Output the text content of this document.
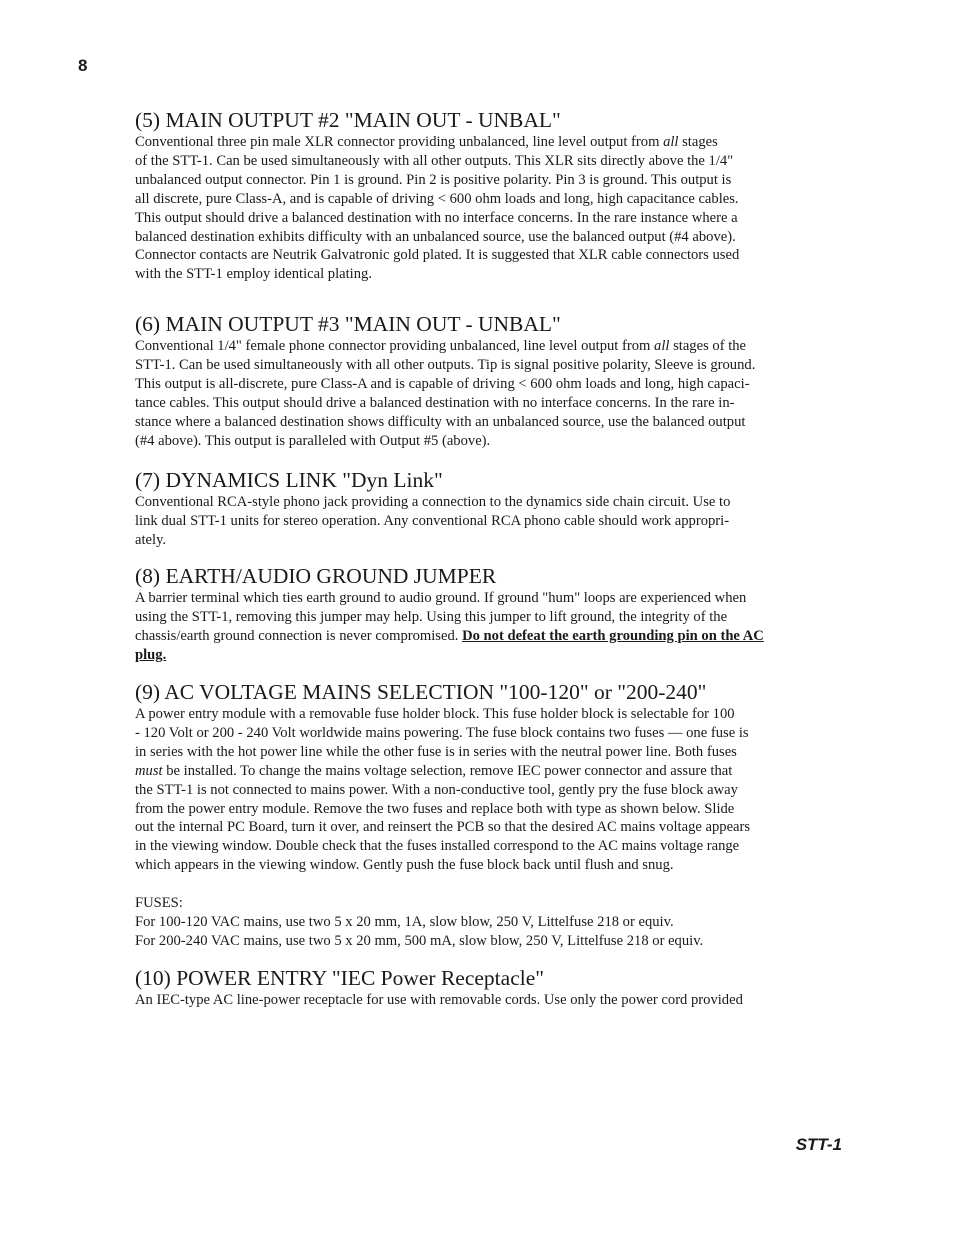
8
(5) MAIN OUTPUT #2 "MAIN OUT - UNBAL"

Conventional three pin male XLR connector providing unbalanced, line level output from all stages
of the STT-1. Can be used simultaneously with all other outputs. This XLR sits directly above the 1/4"
unbalanced output connector. Pin 1 is ground. Pin 2 is positive polarity. Pin 3 is ground. This output is
all discrete, pure Class-A, and is capable of driving < 600 ohm loads and long, high capacitance cables.
This output should drive a balanced destination with no interface concerns. In the rare instance where a
balanced destination exhibits difficulty with an unbalanced source, use the balanced output (#4 above).
Connector contacts are Neutrik Galvatronic gold plated. It is suggested that XLR cable connectors used
with the STT-1 employ identical plating.

(6) MAIN OUTPUT #3 "MAIN OUT - UNBAL"

Conventional 1/4" female phone connector providing unbalanced, line level output from all stages of the
STT-1. Can be used simultaneously with all other outputs. Tip is signal positive polarity, Sleeve is ground.
This output is all-discrete, pure Class-A and is capable of driving < 600 ohm loads and long, high capaci-
tance cables. This output should drive a balanced destination with no interface concerns. In the rare in-
stance where a balanced destination shows difficulty with an unbalanced source, use the balanced output
(#4 above). This output is paralleled with Output #5 (above).

(7) DYNAMICS LINK "Dyn Link"

Conventional RCA-style phono jack providing a connection to the dynamics side chain circuit. Use to
link dual STT-1 units for stereo operation. Any conventional RCA phono cable should work appropri-
ately.

(8) EARTH/AUDIO GROUND JUMPER

A barrier terminal which ties earth ground to audio ground. If ground "hum" loops are experienced when
using the STT-1, removing this jumper may help. Using this jumper to lift ground, the integrity of the
chassis/earth ground connection is never compromised. Do not defeat the earth grounding pin on the AC
plug.

(9) AC VOLTAGE MAINS SELECTION "100-120" or "200-240"

A power entry module with a removable fuse holder block. This fuse holder block is selectable for 100
- 120 Volt or 200 - 240 Volt worldwide mains powering. The fuse block contains two fuses — one fuse is
in series with the hot power line while the other fuse is in series with the neutral power line. Both fuses
must be installed. To change the mains voltage selection, remove IEC power connector and assure that
the STT-1 is not connected to mains power. With a non-conductive tool, gently pry the fuse block away
from the power entry module. Remove the two fuses and replace both with type as shown below. Slide
out the internal PC Board, turn it over, and reinsert the PCB so that the desired AC mains voltage appears
in the viewing window. Double check that the fuses installed correspond to the AC mains voltage range
which appears in the viewing window. Gently push the fuse block back until flush and snug.
FUSES:
For 100-120 VAC mains, use two 5 x 20 mm, 1A, slow blow, 250 V, Littelfuse 218 or equiv.
For 200-240 VAC mains, use two 5 x 20 mm, 500 mA, slow blow, 250 V, Littelfuse 218 or equiv.

(10) POWER ENTRY "IEC Power Receptacle"

An IEC-type AC line-power receptacle for use with removable cords. Use only the power cord provided

STT-1
